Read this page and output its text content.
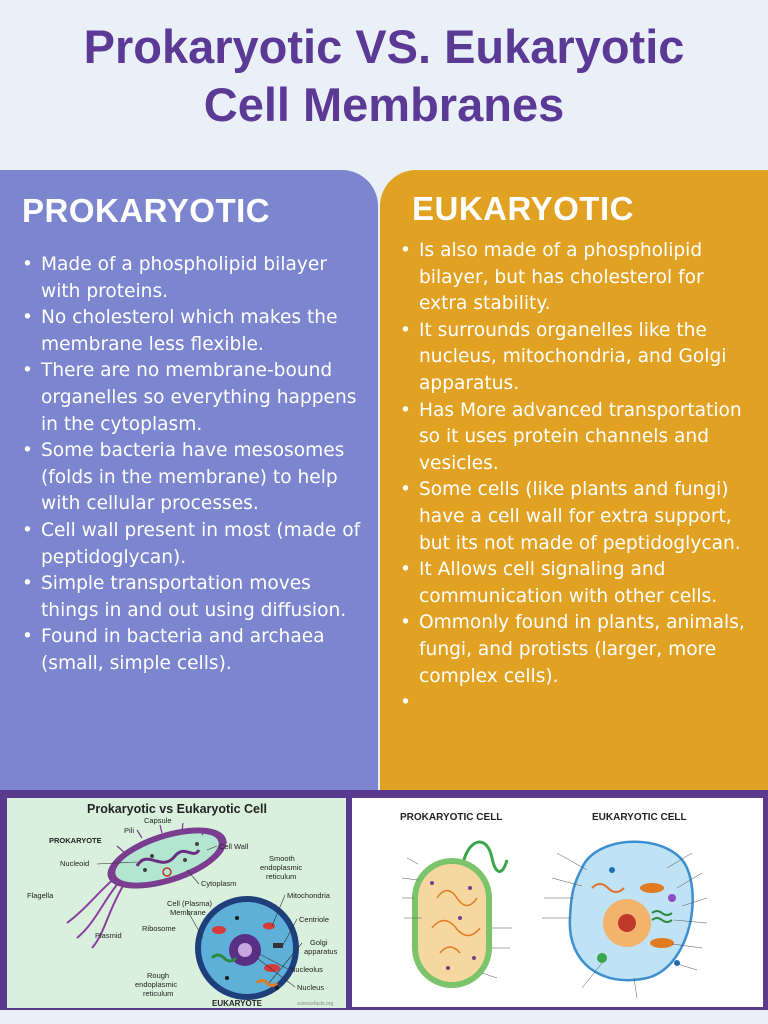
Prokaryotic VS. Eukaryotic
Cell Membranes
PROKARYOTIC
• Made of a phospholipid bilayer with proteins.
• No cholesterol which makes the membrane less flexible.
• There are no membrane-bound organelles so everything happens in the cytoplasm.
• Some bacteria have mesosomes (folds in the membrane) to help with cellular processes.
• Cell wall present in most (made of peptidoglycan).
• Simple transportation moves things in and out using diffusion.
• Found in bacteria and archaea (small, simple cells).
EUKARYOTIC
• Is also made of a phospholipid bilayer, but has cholesterol for extra stability.
• It surrounds organelles like the nucleus, mitochondria, and Golgi apparatus.
• Has More advanced transportation so it uses protein channels and vesicles.
• Some cells (like plants and fungi) have a cell wall for extra support, but its not made of peptidoglycan.
• It Allows cell signaling and communication with other cells.
• Ommonly found in plants, animals, fungi, and protists (larger, more complex cells).
•
Prokaryotic vs Eukaryotic Cell
PROKARYOTE
Pili
Capsule
Cell Wall
Nucleoid
Cytoplasm
Flagella
Cell (Plasma)
Membrane
Ribosome
Plasmid
Smooth
endoplasmic
reticulum
Mitochondria
Centriole
Golgi
apparatus
Nucleolus
Nucleus
Rough
endoplasmic
reticulum
EUKARYOTE	sciencefacts.org
PROKARYOTIC CELL	EUKARYOTIC CELL
